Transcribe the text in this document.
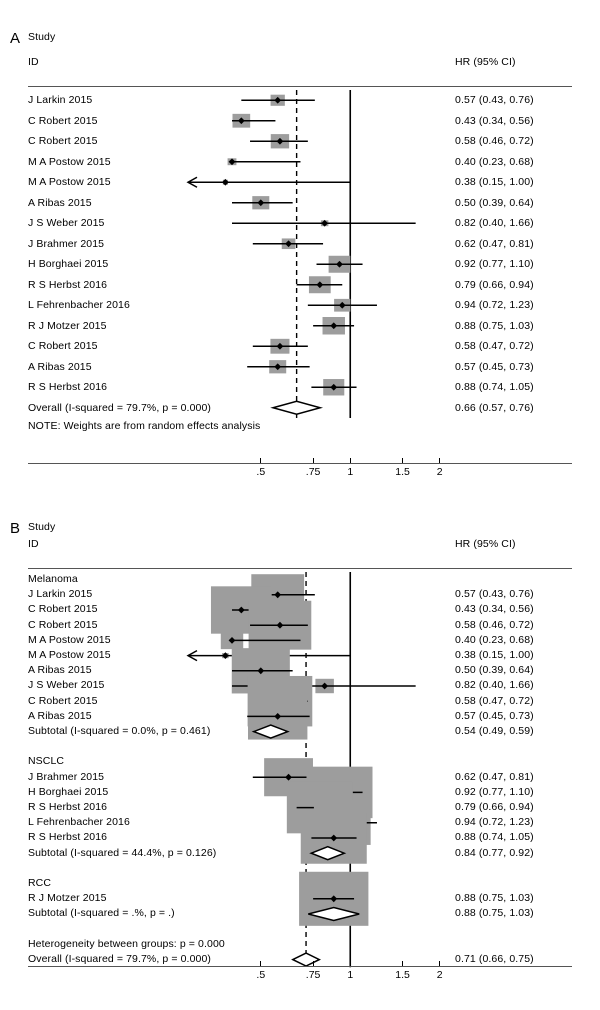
A Study
ID	HR (95% CI)
J Larkin 2015	0.57 (0.43, 0.76)
C Robert 2015	0.43 (0.34, 0.56)
C Robert 2015	0.58 (0.46, 0.72)
M A Postow 2015	0.40 (0.23, 0.68)
M A Postow 2015	0.38 (0.15, 1.00)
A Ribas 2015	0.50 (0.39, 0.64)
J S Weber 2015	0.82 (0.40, 1.66)
J Brahmer 2015	0.62 (0.47, 0.81)
H Borghaei 2015	0.92 (0.77, 1.10)
R S Herbst 2016	0.79 (0.66, 0.94)
L Fehrenbacher 2016	0.94 (0.72, 1.23)
R J Motzer 2015	0.88 (0.75, 1.03)
C Robert 2015	0.58 (0.47, 0.72)
A Ribas 2015	0.57 (0.45, 0.73)
R S Herbst 2016	0.88 (0.74, 1.05)
Overall (I-squared = 79.7%, p = 0.000)	0.66 (0.57, 0.76)
NOTE: Weights are from random effects analysis
.5	.75	1	1.5	2
B Study
ID	HR (95% CI)
Melanoma
J Larkin 2015	0.57 (0.43, 0.76)
C Robert 2015	0.43 (0.34, 0.56)
C Robert 2015	0.58 (0.46, 0.72)
M A Postow 2015	0.40 (0.23, 0.68)
M A Postow 2015	0.38 (0.15, 1.00)
A Ribas 2015	0.50 (0.39, 0.64)
J S Weber 2015	0.82 (0.40, 1.66)
C Robert 2015	0.58 (0.47, 0.72)
A Ribas 2015	0.57 (0.45, 0.73)
Subtotal (I-squared = 0.0%, p = 0.461)	0.54 (0.49, 0.59)
NSCLC
J Brahmer 2015	0.62 (0.47, 0.81)
H Borghaei 2015	0.92 (0.77, 1.10)
R S Herbst 2016	0.79 (0.66, 0.94)
L Fehrenbacher 2016	0.94 (0.72, 1.23)
R S Herbst 2016	0.88 (0.74, 1.05)
Subtotal (I-squared = 44.4%, p = 0.126)	0.84 (0.77, 0.92)
RCC
R J Motzer 2015	0.88 (0.75, 1.03)
Subtotal (I-squared = .%, p = .)	0.88 (0.75, 1.03)
Heterogeneity between groups: p = 0.000
Overall (I-squared = 79.7%, p = 0.000)	0.71 (0.66, 0.75)
.5	.75	1	1.5	2
